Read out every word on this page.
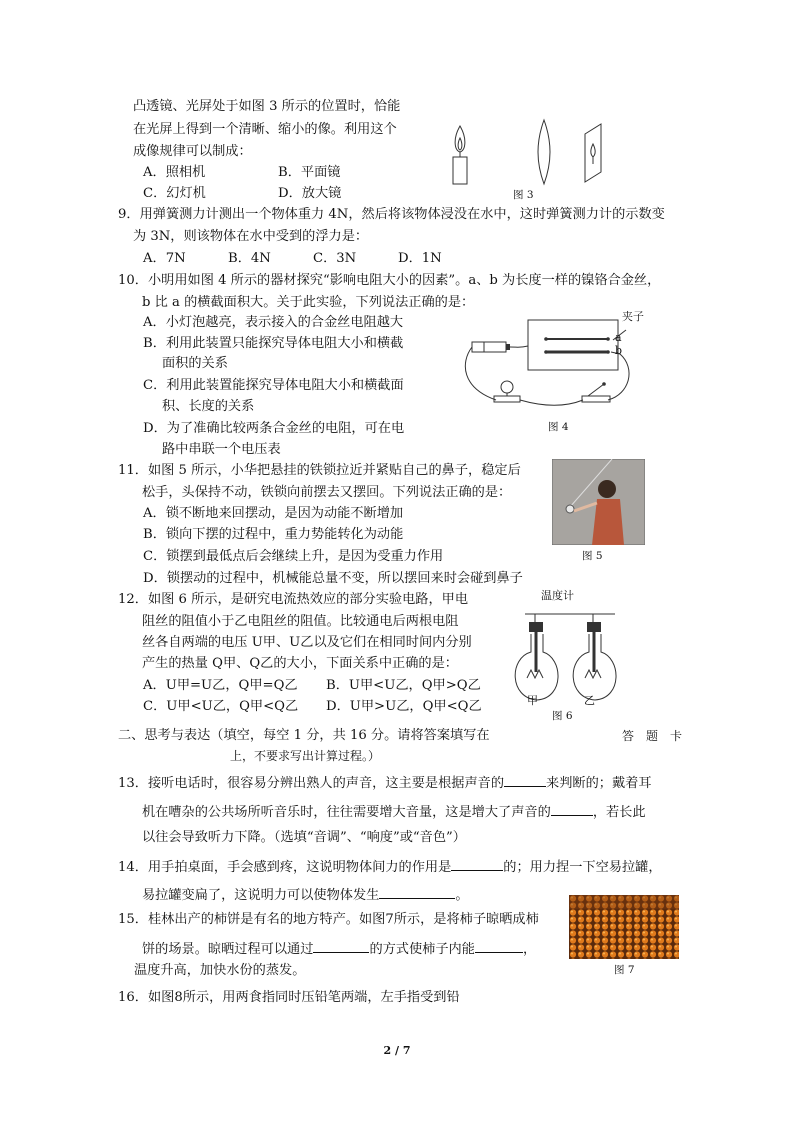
凸透镜、光屏处于如图 3 所示的位置时，恰能
在光屏上得到一个清晰、缩小的像。利用这个
成像规律可以制成：
A．照相机	B．平面镜
C．幻灯机	D．放大镜	图 3
9．用弹簧测力计测出一个物体重力 4N，然后将该物体浸没在水中，这时弹簧测力计的示数变
为 3N，则该物体在水中受到的浮力是：
A．7N	B．4N	C．3N	D．1N
10．小明用如图 4 所示的器材探究“影响电阻大小的因素”。a、b 为长度一样的镍铬合金丝，
b 比 a 的横截面积大。关于此实验，下列说法正确的是：
A．小灯泡越亮，表示接入的合金丝电阻越大
B．利用此装置只能探究导体电阻大小和横截
面积的关系
C．利用此装置能探究导体电阻大小和横截面
积、长度的关系
D．为了准确比较两条合金丝的电阻，可在电
路中串联一个电压表
夹子
a
b
图 4
11．如图 5 所示，小华把悬挂的铁锁拉近并紧贴自己的鼻子，稳定后
松手，头保持不动，铁锁向前摆去又摆回。下列说法正确的是：
A．锁不断地来回摆动，是因为动能不断增加
B．锁向下摆的过程中，重力势能转化为动能
C．锁摆到最低点后会继续上升，是因为受重力作用
D．锁摆动的过程中，机械能总量不变，所以摆回来时会碰到鼻子
图 5
12．如图 6 所示，是研究电流热效应的部分实验电路，甲电
阻丝的阻值小于乙电阻丝的阻值。比较通电后两根电阻
丝各自两端的电压 U甲、U乙以及它们在相同时间内分别
产生的热量 Q甲、Q乙的大小，下面关系中正确的是：
A．U甲=U乙，Q甲=Q乙 B．U甲<U乙，Q甲>Q乙
C．U甲<U乙，Q甲<Q乙 D．U甲>U乙，Q甲<Q乙
温度计
甲	乙
图 6
二、思考与表达（填空，每空 1 分，共 16 分。请将答案填写在	答　题　卡
上，不要求写出计算过程。）
13．接听电话时，很容易分辨出熟人的声音，这主要是根据声音的	来判断的；戴着耳
机在嘈杂的公共场所听音乐时，往往需要增大音量，这是增大了声音的	，若长此
以往会导致听力下降。（选填“音调”、“响度”或“音色”）
14．用手拍桌面，手会感到疼，这说明物体间力的作用是	的；用力捏一下空易拉罐，
易拉罐变扁了，这说明力可以使物体发生	。
15．桂林出产的柿饼是有名的地方特产。如图7所示，是将柿子晾晒成柿
饼的场景。晾晒过程可以通过	的方式使柿子内能	，
温度升高，加快水份的蒸发。	图 7
16．如图8所示，用两食指同时压铅笔两端，左手指受到铅
2 / 7
